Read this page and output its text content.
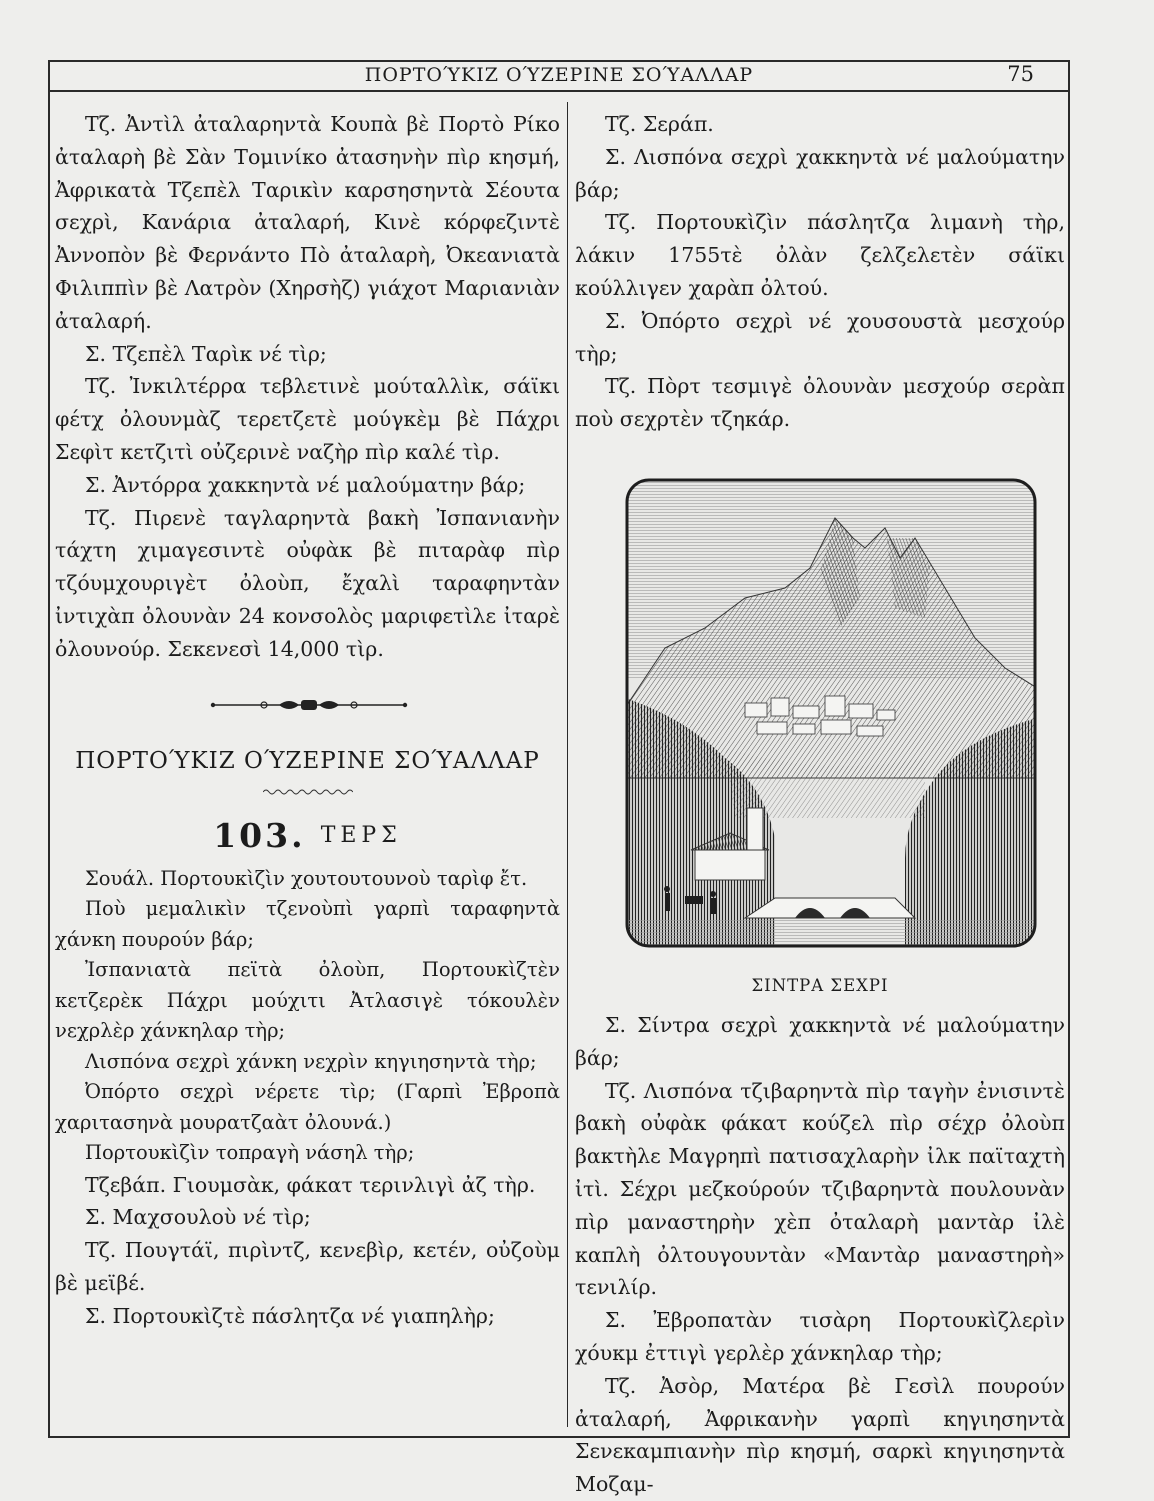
ΠΟΡΤΟΎΚΙΖ ΟΎΖΕΡΙΝΕ ΣΟΎΑΛΛΑΡ	75

Τζ. Ἀντὶλ ἀταλαρηντὰ Κουπὰ βὲ Πορτὸ Ρίκο ἀταλαρὴ βὲ Σὰν Τομινίκο ἀτασηνὴν πὶρ κησμή, Ἀφρικατὰ Τζεπὲλ Ταρικὶν καρσησηντὰ Σέουτα σεχρὶ, Κανάρια ἀταλαρή, Κινὲ κόρφεζιντὲ Ἀννοπὸν βὲ Φερνάντο Πὸ ἀταλαρὴ, Ὀκεανιατὰ Φιλιππὶν βὲ Λατρὸν (Χηρσὴζ) γιάχοτ Μαριανιὰν ἀταλαρή.

Σ. Τζεπὲλ Ταρὶκ νέ τὶρ;

Τζ. Ἰνκιλτέρρα τεβλετινὲ μούταλλὶκ, σάϊκι φέτχ ὀλουνμὰζ τερετζετὲ μούγκὲμ βὲ Πάχρι Σεφὶτ κετζιτὶ οὐζερινὲ ναζὴρ πὶρ καλέ τὶρ.

Σ. Ἀντόρρα χακκηντὰ νέ μαλούματην βάρ;

Τζ. Πιρενὲ ταγλαρηντὰ βακὴ Ἰσπανιανὴν τάχτη χιμαγεσιντὲ οὐφὰκ βὲ πιταρὰφ πὶρ τζόυμχουριγὲτ ὀλοὺπ, ἔχαλὶ ταραφηντὰν ἰντιχὰπ ὀλουνὰν 24 κονσολὸς μαριφετὶλε ἰταρὲ ὀλουνούρ. Σεκενεσὶ 14,000 τὶρ.

ΠΟΡΤΟΎΚΙΖ ΟΎΖΕΡΙΝΕ ΣΟΎΑΛΛΑΡ
103. ΤΕΡΣ

Σουάλ. Πορτουκὶζὶν χουτουτουνοὺ ταρὶφ ἔτ.

Ποὺ μεμαλικὶν τζενοὺπὶ γαρπὶ ταραφηντὰ χάνκη πουρούν βάρ;

Ἰσπανιατὰ πεϊτὰ ὀλοὺπ, Πορτουκὶζτὲν κετζερὲκ Πάχρι μούχιτι Ἀτλασιγὲ τόκουλὲν νεχρλὲρ χάνκηλαρ τὴρ;

Λισπόνα σεχρὶ χάνκη νεχρὶν κηγιησηντὰ τὴρ;

Ὀπόρτο σεχρὶ νέρετε τὶρ; (Γαρπὶ Ἐβροπὰ χαριτασηνὰ μουρατζαὰτ ὀλουνά.)

Πορτουκὶζὶν τοπραγὴ νάσηλ τὴρ;

Τζεβάπ. Γιουμσὰκ, φάκατ τερινλιγὶ ἀζ τὴρ.

Σ. Μαχσουλοὺ νέ τὶρ;

Τζ. Πουγτάϊ, πιρὶντζ, κενεβὶρ, κετέν, οὐζοὺμ βὲ μεϊβέ.

Σ. Πορτουκὶζτὲ πάσλητζα νέ γιαπηλὴρ;

Τζ. Σεράπ.

Σ. Λισπόνα σεχρὶ χακκηντὰ νέ μαλούματην βάρ;

Τζ. Πορτουκὶζὶν πάσλητζα λιμανὴ τὴρ, λάκιν 1755τὲ ὀλὰν ζελζελετὲν σάϊκι κούλλιγεν χαρὰπ ὀλτού.

Σ. Ὀπόρτο σεχρὶ νέ χουσουστὰ μεσχούρ τὴρ;

Τζ. Πὸρτ τεσμιγὲ ὀλουνὰν μεσχούρ σερὰπ ποὺ σεχρτὲν τζηκάρ.

ΣΙΝΤΡΑ ΣΕΧΡΙ

Σ. Σίντρα σεχρὶ χακκηντὰ νέ μαλούματην βάρ;

Τζ. Λισπόνα τζιβαρηντὰ πὶρ ταγὴν ἐνισιντὲ βακὴ οὐφὰκ φάκατ κούζελ πὶρ σέχρ ὀλοὺπ βακτὴλε Μαγρηπὶ πατισαχλαρὴν ἰλκ παϊταχτὴ ἰτὶ. Σέχρι μεζκούρούν τζιβαρηντὰ πουλουνὰν πὶρ μαναστηρὴν χὲπ ὀταλαρὴ μαντὰρ ἰλὲ καπλὴ ὀλτουγουντὰν «Μαντὰρ μαναστηρὴ» τενιλίρ.

Σ. Ἐβροπατὰν τισὰρη Πορτουκὶζλερὶν χόυκμ ἐττιγὶ γερλὲρ χάνκηλαρ τὴρ;

Τζ. Ἀσὸρ, Ματέρα βὲ Γεσὶλ πουρούν ἀταλαρή, Ἀφρικανὴν γαρπὶ κηγιησηντὰ Σενεκαμπιανὴν πὶρ κησμή, σαρκὶ κηγιησηντὰ Μοζαμ-
